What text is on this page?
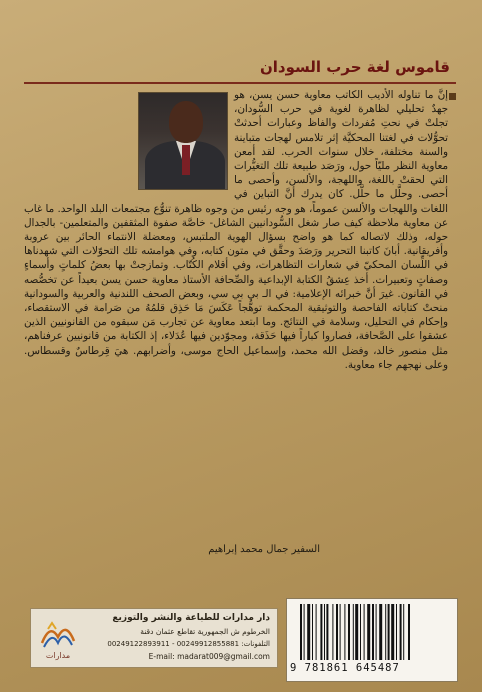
قاموس لغة حرب السودان
إنَّ ما تناوله الأديب الكاتب معاوية حسن يسن، هو جهدٌ تحليلي لظاهرة لغوية في حرب السُّودان، تجلتْ في نحتِ مُفردات والفاظ وعبارات أحدثتْ تحوُّلات في لغتنا المحكيَّة إثر تلامس لهجات متباينة والسنة مختلفة، خلال سنوات الحرب. لقد أمعن معاوية النظر مليّاً حول، ورَصَد طبيعة تلك التغيُّرات التي لحقتْ باللغة، واللهجة، والألسن، وأحصى ما أحصى. وحلَّل ما حلَّل. كان يدرك أنَّ التباين في اللغات واللهجات والألسن عموماً، هو وجه رئيس من وجوه ظاهرة تنوُّع مجتمعات البلد الواحد. ما غاب عن معاوية ملاحظة كيف صار شغل السُّودانيين الشاغل- خاصَّة صفوة المثقفين والمتعلمين- بالجدال حوله، وذلك لاتصاله كما هو واضح بسؤال الهوية الملتبس، ومعضلة الانتماء الحائر بين عروبة وأفريقانية. أبانَ كاتبنا التحرير ورَصَدَ وحقَّق في متون كتابه، وفي هوامشه تلك التحوّلات التي شهدناها في اللِّسان المحكيّ في شعارات التظاهرات، وفي أقلام الكُتّاب. وتمازجتْ بها بعضُ كلماتٍ وأسماءٍ وصفاتٍ وتعبيرات. أخذ عِشقُ الكتابة الإبداعية والصِّحافة الأستاذ معاوية حسن يسن بعيداً عن تخصُّصه في القانون. غيرَ أنَّ خبرائه الإعلامية: في الـ بي بي سي، وبعض الصحف اللندنية والعربية والسودانية منحتْ كتاباته الفاحصة والتوثيقية المحكمة توهُّجاً عَكَسَ مَا حَذِق قلمُهُ من صَرامة في الاستقصاء، وإحكام في التحليل، وسلامة في النتائج. وما ابتعد معاوية عن تجارب مَن سبقوه من القانونيين الذين عشقوا على الصَّحافة، فصاروا كباراً فيها حَذَقة، ومجوّدين فيها عُدَلاء، إذ الكتابة من قانونيين عرفناهم، مثل منصور خالد، وفضل الله محمد، وإسماعيل الحاج موسى، وأضرابهم. هيَ قِرطاسٌ وقسطاس. وعلى نهجهم جاء معاوية.
السفير جمال محمد إبراهيم
مدارات
دار مدارات للطباعة والنشر والتوزيع
الخرطوم ش الجمهورية تقاطع عثمان دقنة
التلفونات: 00249912855881 - 00249122893911
E-mail: madarat009@gmail.com
9 781861 645487
